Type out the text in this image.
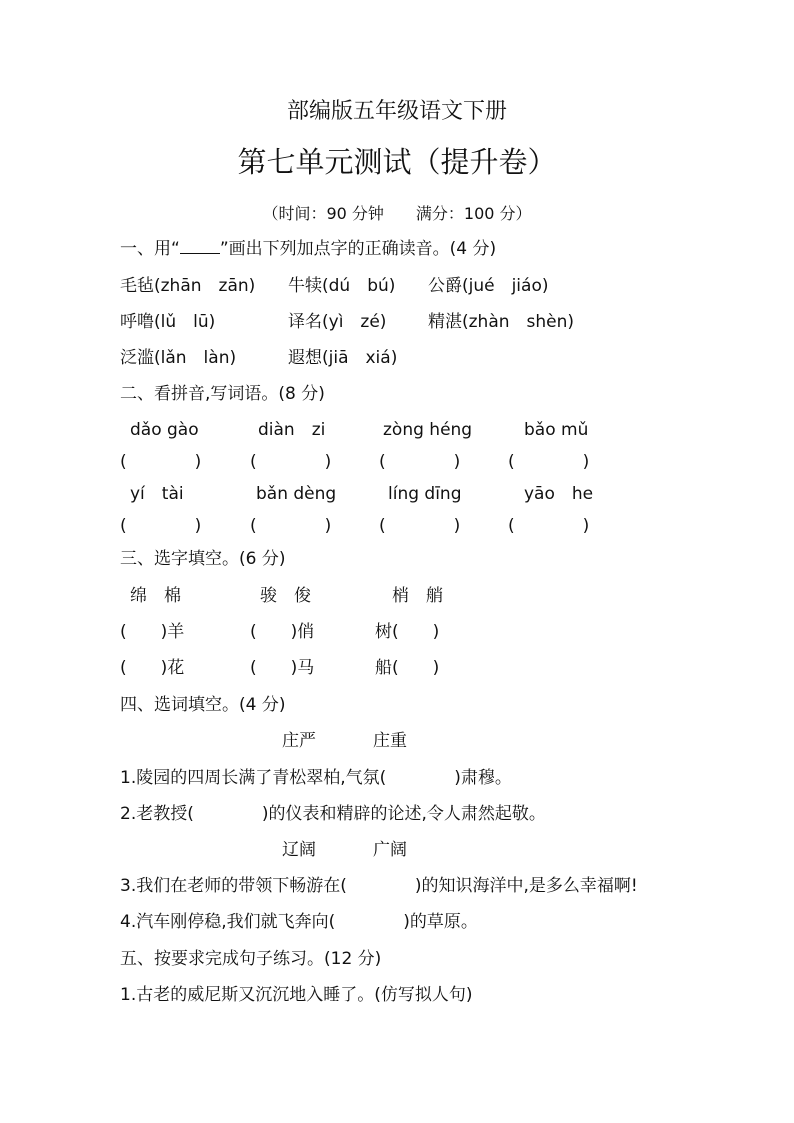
部编版五年级语文下册
第七单元测试（提升卷）
（时间：90 分钟 满分：100 分）
一、用“ ”画出下列加点字的正确读音。(4 分)
毛毡(zhān　zān) 牛犊(dú　bú) 公爵(jué　jiáo)
呼噜(lǔ　lū)	译名(yì　zé) 精湛(zhàn　shèn)
泛滥(lǎn　làn)	遐想(jiā　xiá)
二、看拼音,写词语。(8 分)
dǎo gào	diàn　zi	zòng héng	bǎo mǔ
(　　　　)	(　　　　)	(　　　　)	(　　　　)
yí　tài	bǎn dèng	líng dīng	yāo　he
(　　　　)	(　　　　)	(　　　　)	(　　　　)
三、选字填空。(6 分)
绵　棉	骏　俊	梢　艄
(　　)羊	(　　)俏	树(　　)
(　　)花	(　　)马	船(　　)
四、选词填空。(4 分)
庄严	庄重
1.陵园的四周长满了青松翠柏,气氛(　　　　)肃穆。
2.老教授(　　　　)的仪表和精辟的论述,令人肃然起敬。
辽阔	广阔
3.我们在老师的带领下畅游在(　　　　)的知识海洋中,是多么幸福啊!
4.汽车刚停稳,我们就飞奔向(　　　　)的草原。
五、按要求完成句子练习。(12 分)
1.古老的威尼斯又沉沉地入睡了。(仿写拟人句)
